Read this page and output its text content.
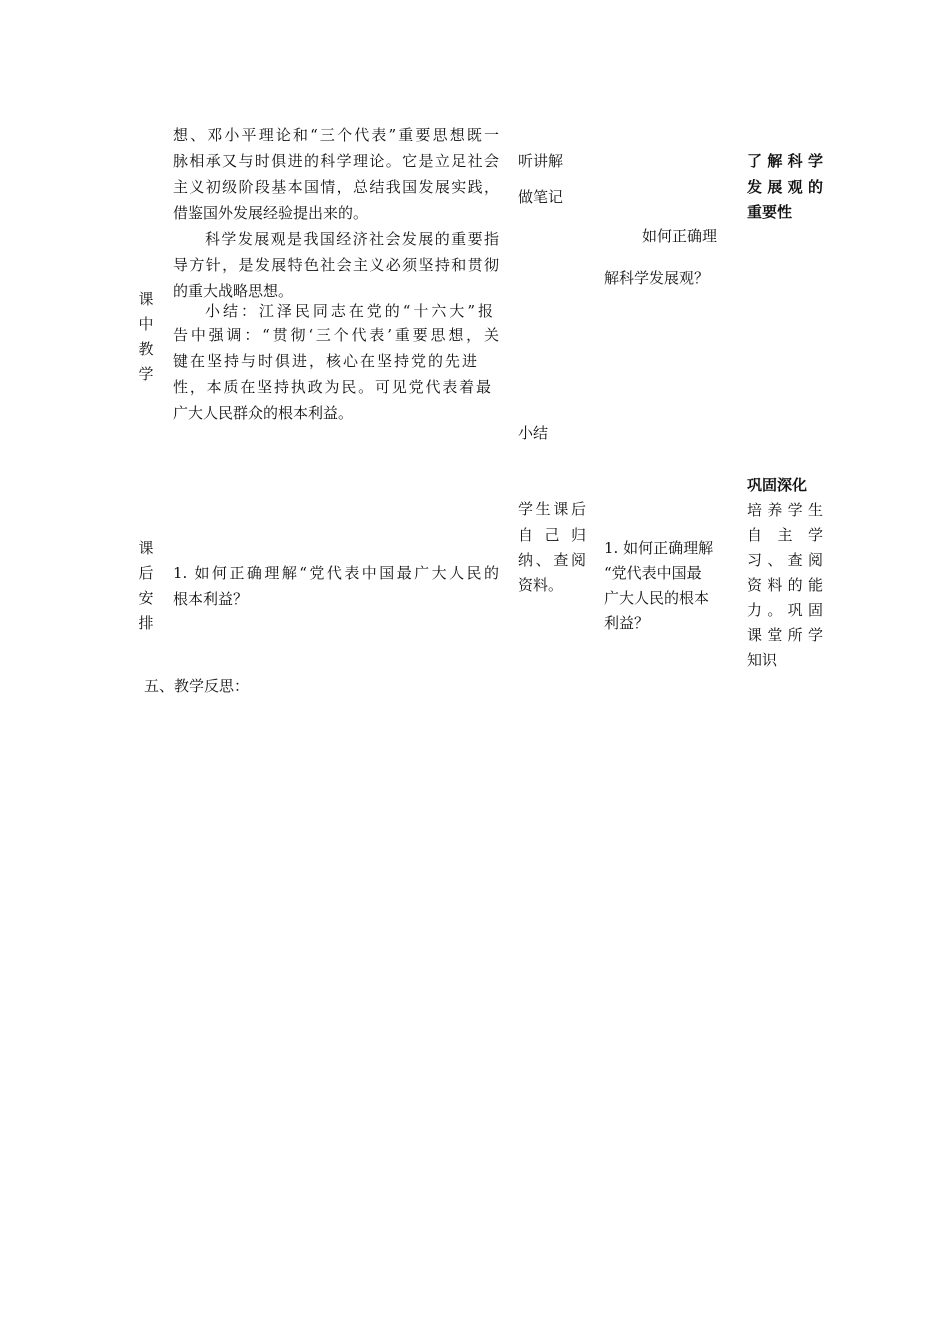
课
中
教
学
想、邓小平理论和“三个代表”重要思想既一
脉相承又与时俱进的科学理论。它是立足社会
主义初级阶段基本国情，总结我国发展实践，
借鉴国外发展经验提出来的。
科学发展观是我国经济社会发展的重要指
导方针，是发展特色社会主义必须坚持和贯彻
的重大战略思想。
小结：江泽民同志在党的“十六大”报
告中强调：“贯彻‘三个代表’重要思想，关
键在坚持与时俱进，核心在坚持党的先进
性，本质在坚持执政为民。可见党代表着最
广大人民群众的根本利益。
听讲解
做笔记
小结
如何正确理
解科学发展观？
了解科学
发展观的
重要性
课
后
安
排
1. 如何正确理解“党代表中国最广大人民的
根本利益？
学生课后
自己归
纳、查阅
资料。
1. 如何正确理解
“党代表中国最
广大人民的根本
利益？
巩固深化
培养学生
自主学
习、查阅
资料的能
力。巩固
课堂所学
知识
五、教学反思：
